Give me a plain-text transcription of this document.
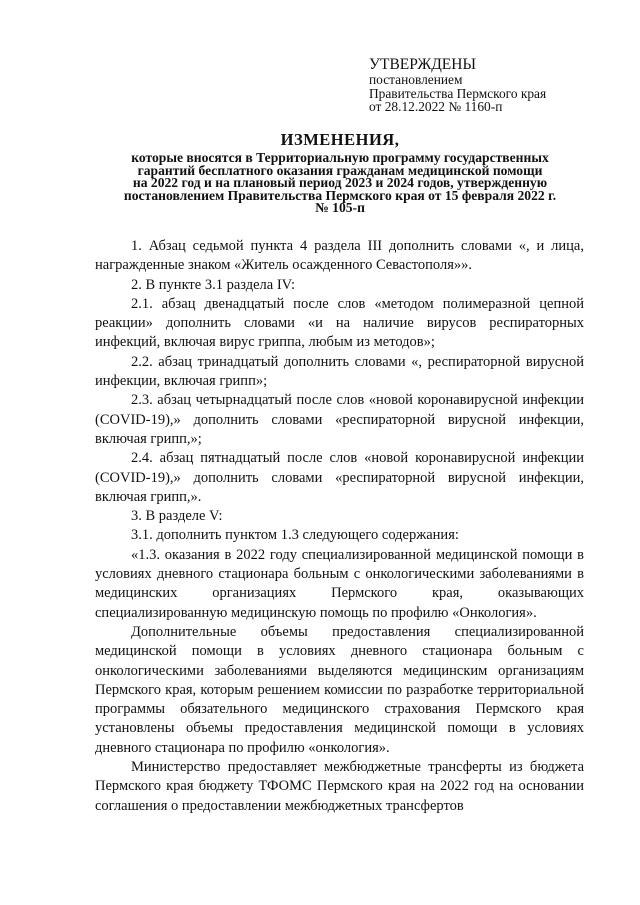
УТВЕРЖДЕНЫ
постановлением
Правительства Пермского края
от 28.12.2022 № 1160-п
ИЗМЕНЕНИЯ,
которые вносятся в Территориальную программу государственных
гарантий бесплатного оказания гражданам медицинской помощи
на 2022 год и на плановый период 2023 и 2024 годов, утвержденную
постановлением Правительства Пермского края от 15 февраля 2022 г.
№ 105-п

1. Абзац седьмой пункта 4 раздела III дополнить словами «, и лица, награжденные знаком «Житель осажденного Севастополя»».

2. В пункте 3.1 раздела IV:

2.1. абзац двенадцатый после слов «методом полимеразной цепной реакции» дополнить словами «и на наличие вирусов респираторных инфекций, включая вирус гриппа, любым из методов»;

2.2. абзац тринадцатый дополнить словами «, респираторной вирусной инфекции, включая грипп»;

2.3. абзац четырнадцатый после слов «новой коронавирусной инфекции (COVID-19),» дополнить словами «респираторной вирусной инфекции, включая грипп,»;

2.4. абзац пятнадцатый после слов «новой коронавирусной инфекции (COVID-19),» дополнить словами «респираторной вирусной инфекции, включая грипп,».

3. В разделе V:

3.1. дополнить пунктом 1.3 следующего содержания:

«1.3. оказания в 2022 году специализированной медицинской помощи в условиях дневного стационара больным с онкологическими заболеваниями в медицинских организациях Пермского края, оказывающих специализированную медицинскую помощь по профилю «Онкология».

Дополнительные объемы предоставления специализированной медицинской помощи в условиях дневного стационара больным с онкологическими заболеваниями выделяются медицинским организациям Пермского края, которым решением комиссии по разработке территориальной программы обязательного медицинского страхования Пермского края установлены объемы предоставления медицинской помощи в условиях дневного стационара по профилю «онкология».

Министерство предоставляет межбюджетные трансферты из бюджета Пермского края бюджету ТФОМС Пермского края на 2022 год на основании соглашения о предоставлении межбюджетных трансфертов
